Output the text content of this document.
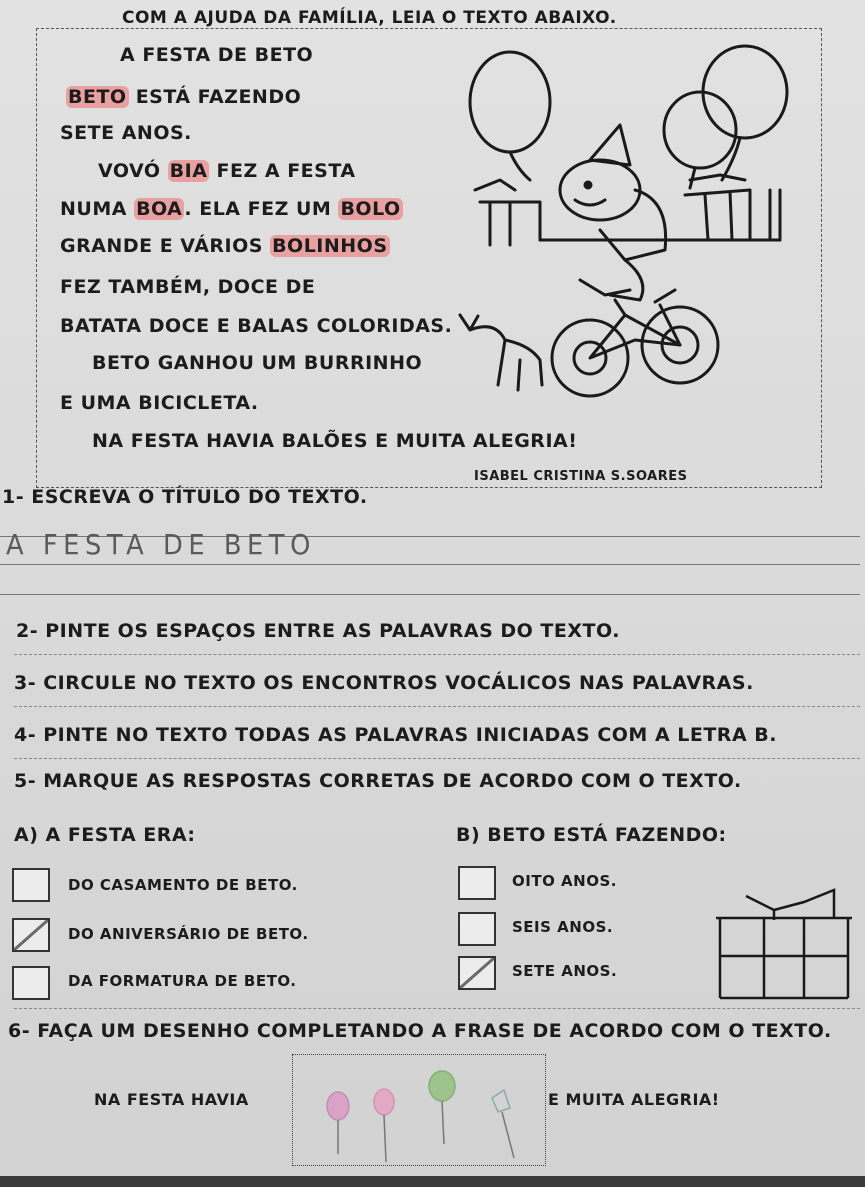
COM A AJUDA DA FAMÍLIA, LEIA O TEXTO ABAIXO.
A FESTA DE BETO
BETO ESTÁ FAZENDO
SETE ANOS.
VOVÓ BIA FEZ A FESTA
NUMA BOA . ELA FEZ UM BOLO
GRANDE E VÁRIOS BOLINHOS
FEZ TAMBÉM, DOCE DE
BATATA DOCE E BALAS COLORIDAS.
BETO GANHOU UM BURRINHO
E UMA BICICLETA.
NA FESTA HAVIA BALÕES E MUITA ALEGRIA!
ISABEL CRISTINA S.SOARES
1- ESCREVA O TÍTULO DO TEXTO.
A FESTA DE BETO
2- PINTE OS ESPAÇOS ENTRE AS PALAVRAS DO TEXTO.
3- CIRCULE NO TEXTO OS ENCONTROS VOCÁLICOS NAS PALAVRAS.
4- PINTE NO TEXTO TODAS AS PALAVRAS INICIADAS COM A LETRA B.
5- MARQUE AS RESPOSTAS CORRETAS DE ACORDO COM O TEXTO.
A) A FESTA ERA:	B) BETO ESTÁ FAZENDO:
DO CASAMENTO DE BETO.
DO ANIVERSÁRIO DE BETO.
DA FORMATURA DE BETO.
OITO ANOS.
SEIS ANOS.
SETE ANOS.
6- FAÇA UM DESENHO COMPLETANDO A FRASE DE ACORDO COM O TEXTO.
NA FESTA HAVIA	E MUITA ALEGRIA!
